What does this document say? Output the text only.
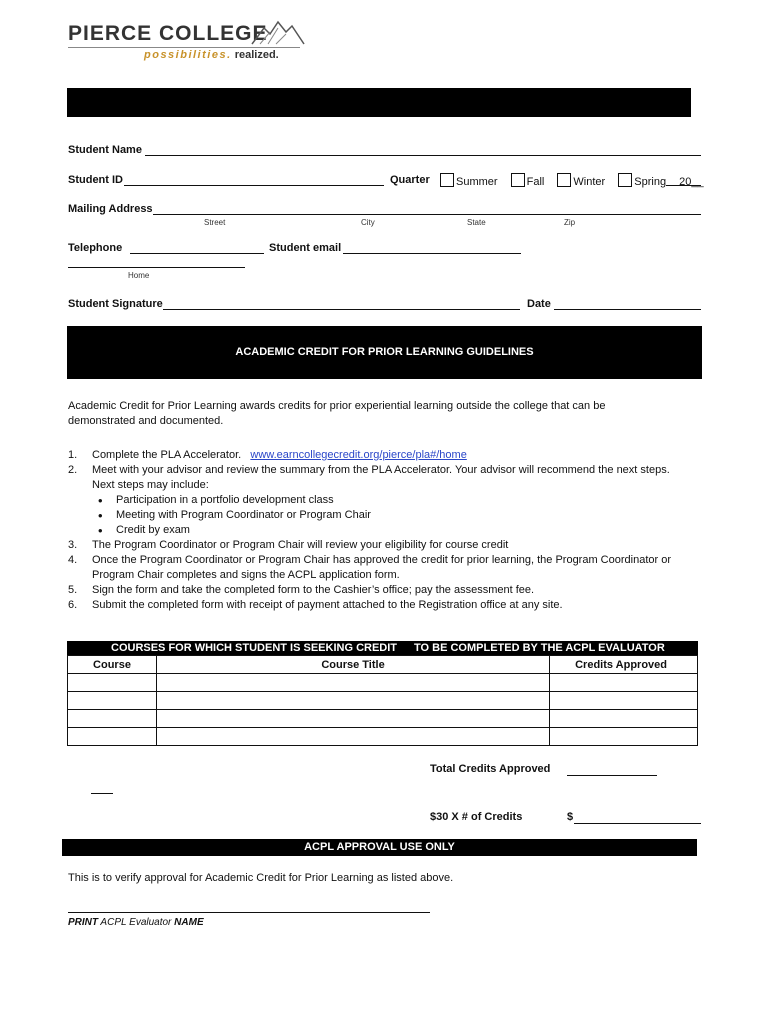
PIERCE COLLEGE
possibilities. realized.
Student Name
Student ID	Quarter	Summer	Fall	Winter	Spring 20__
Mailing Address
Street	City	State	Zip
Telephone	Student email
Home
Student Signature	Date
ACADEMIC CREDIT FOR PRIOR LEARNING GUIDELINES
Academic Credit for Prior Learning awards credits for prior experiential learning outside the college that can be demonstrated and documented.
1. Complete the PLA Accelerator. www.earncollegecredit.org/pierce/pla#/home
2. Meet with your advisor and review the summary from the PLA Accelerator. Your advisor will recommend the next steps. Next steps may include:
• Participation in a portfolio development class
• Meeting with Program Coordinator or Program Chair
• Credit by exam
3. The Program Coordinator or Program Chair will review your eligibility for course credit
4. Once the Program Coordinator or Program Chair has approved the credit for prior learning, the Program Coordinator or Program Chair completes and signs the ACPL application form.
5. Sign the form and take the completed form to the Cashier’s office; pay the assessment fee.
6. Submit the completed form with receipt of payment attached to the Registration office at any site.
COURSES FOR WHICH STUDENT IS SEEKING CREDIT TO BE COMPLETED BY THE ACPL EVALUATOR
Course	Course Title	Credits Approved

Total Credits Approved
$30 X # of Credits	$
ACPL APPROVAL USE ONLY
This is to verify approval for Academic Credit for Prior Learning as listed above.
PRINT ACPL Evaluator NAME
